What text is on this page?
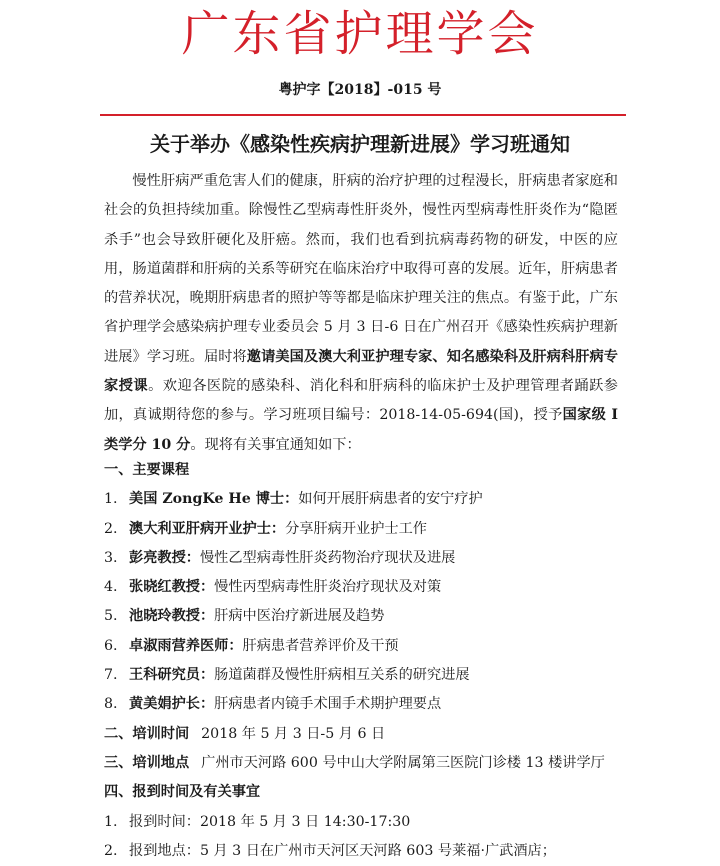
广东省护理学会
粤护字【2018】-015 号
关于举办《感染性疾病护理新进展》学习班通知

慢性肝病严重危害人们的健康，肝病的治疗护理的过程漫长，肝病患者家庭和社会的负担持续加重。除慢性乙型病毒性肝炎外，慢性丙型病毒性肝炎作为“隐匿杀手”也会导致肝硬化及肝癌。然而，我们也看到抗病毒药物的研发，中医的应用，肠道菌群和肝病的关系等研究在临床治疗中取得可喜的发展。近年，肝病患者的营养状况，晚期肝病患者的照护等等都是临床护理关注的焦点。有鉴于此，广东省护理学会感染病护理专业委员会 5 月 3 日-6 日在广州召开《感染性疾病护理新进展》学习班。届时将邀请美国及澳大利亚护理专家、知名感染科及肝病科肝病专家授课。欢迎各医院的感染科、消化科和肝病科的临床护士及护理管理者踊跃参加，真诚期待您的参与。学习班项目编号：2018-14-05-694(国)，授予国家级 I 类学分 10 分。现将有关事宜通知如下：

一、主要课程
1. 美国 ZongKe He 博士：如何开展肝病患者的安宁疗护
2. 澳大利亚肝病开业护士：分享肝病开业护士工作
3. 彭亮教授：慢性乙型病毒性肝炎药物治疗现状及进展
4. 张晓红教授：慢性丙型病毒性肝炎治疗现状及对策
5. 池晓玲教授：肝病中医治疗新进展及趋势
6. 卓淑雨营养医师：肝病患者营养评价及干预
7. 王科研究员：肠道菌群及慢性肝病相互关系的研究进展
8. 黄美娟护长：肝病患者内镜手术围手术期护理要点
二、培训时间 2018 年 5 月 3 日-5 月 6 日
三、培训地点 广州市天河路 600 号中山大学附属第三医院门诊楼 13 楼讲学厅
四、报到时间及有关事宜
1. 报到时间：2018 年 5 月 3 日 14:30-17:30
2. 报到地点：5 月 3 日在广州市天河区天河路 603 号莱福·广武酒店；
